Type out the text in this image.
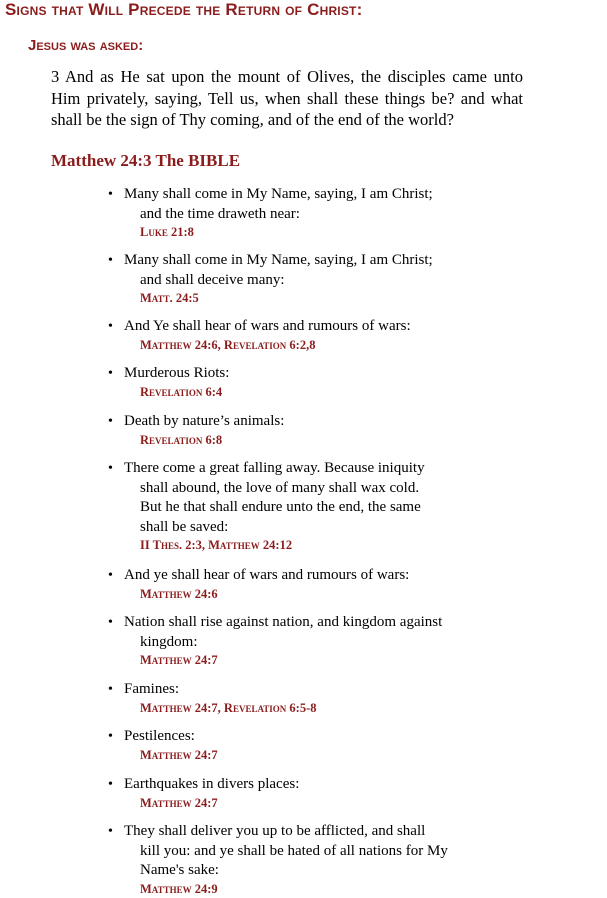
Signs that Will Precede the Return of Christ:
Jesus was asked:
3 And as He sat upon the mount of Olives, the disciples came unto Him privately, saying, Tell us, when shall these things be? and what shall be the sign of Thy coming, and of the end of the world?
Matthew 24:3 The BIBLE
• Many shall come in My Name, saying, I am Christ;
and the time draweth near:
Luke 21:8
• Many shall come in My Name, saying, I am Christ;
and shall deceive many:
Matt. 24:5
• And Ye shall hear of wars and rumours of wars:
Matthew 24:6, Revelation 6:2,8
• Murderous Riots:
Revelation 6:4
• Death by nature’s animals:
Revelation 6:8
• There come a great falling away. Because iniquity
shall abound, the love of many shall wax cold.
But he that shall endure unto the end, the same
shall be saved:
II Thes. 2:3, Matthew 24:12
• And ye shall hear of wars and rumours of wars:
Matthew 24:6
• Nation shall rise against nation, and kingdom against
kingdom:
Matthew 24:7
• Famines:
Matthew 24:7, Revelation 6:5-8
• Pestilences:
Matthew 24:7
• Earthquakes in divers places:
Matthew 24:7
• They shall deliver you up to be afflicted, and shall
kill you: and ye shall be hated of all nations for My
Name's sake:
Matthew 24:9
